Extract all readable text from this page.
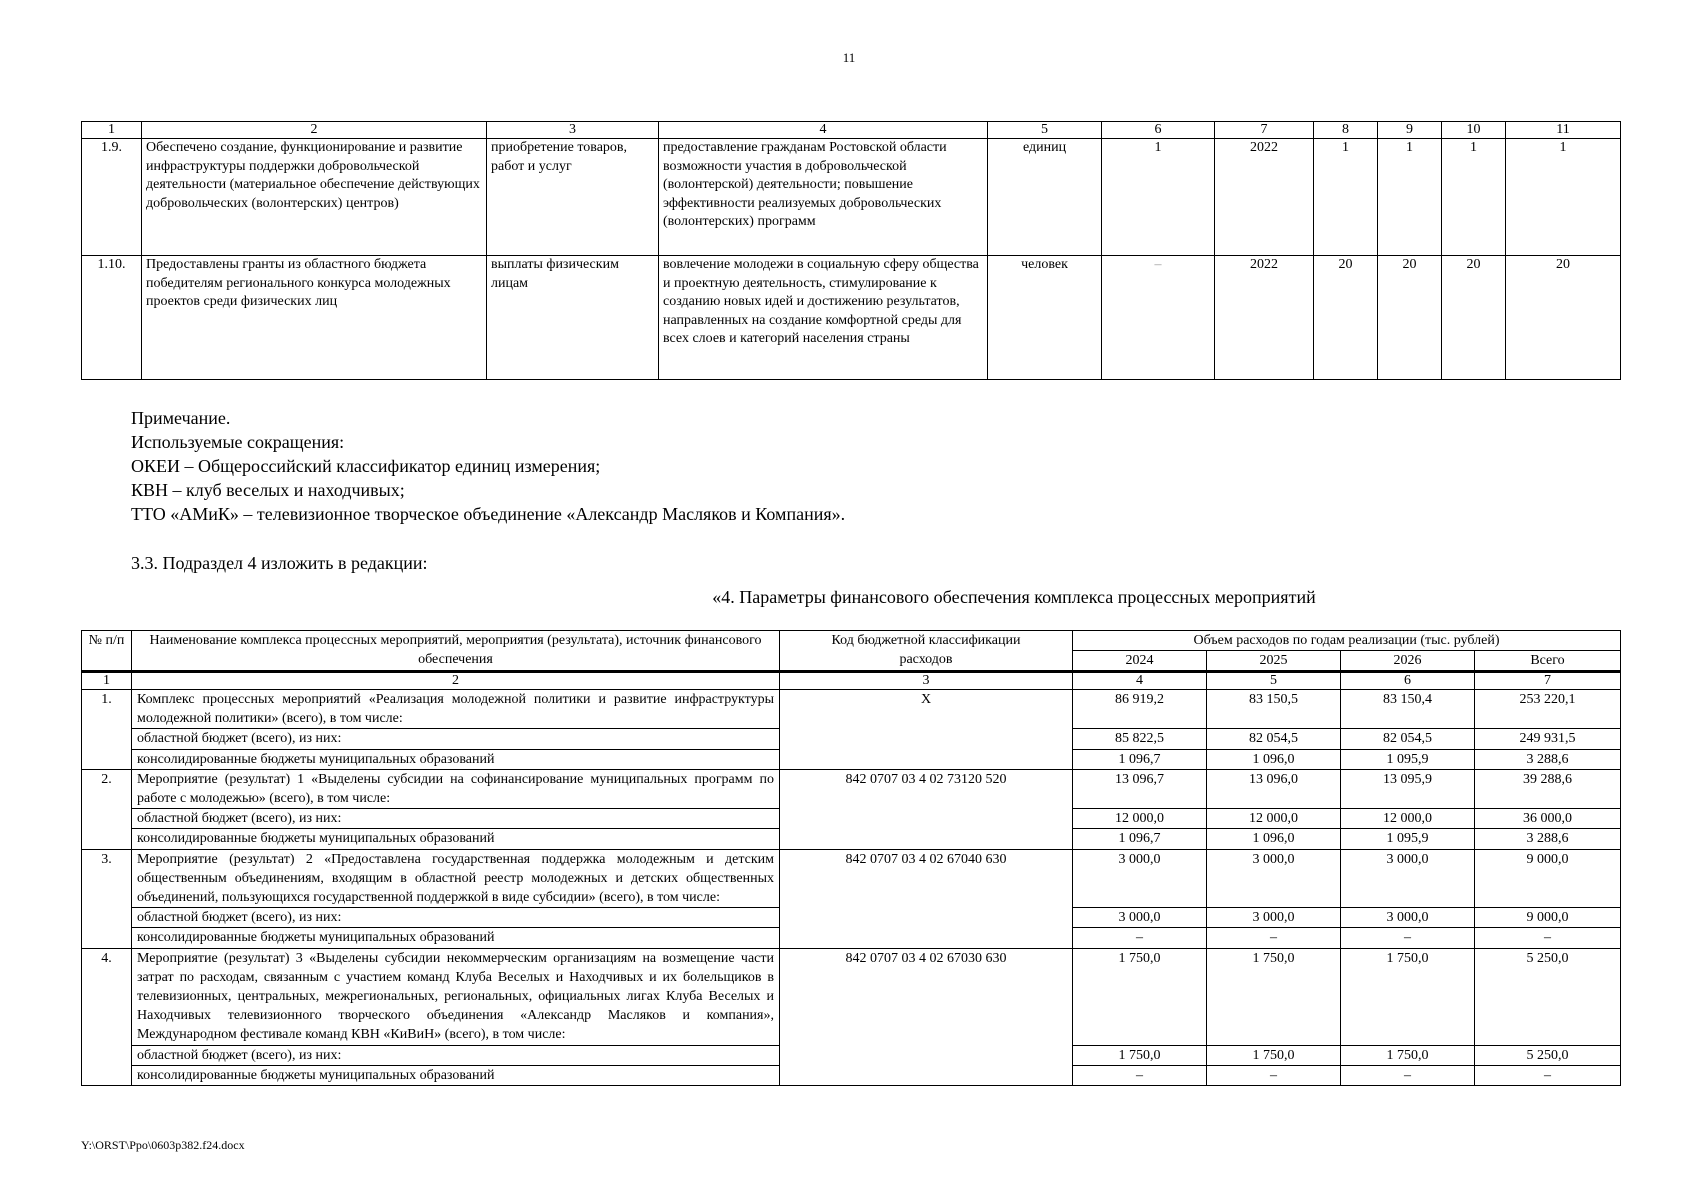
11
1	2	3	4	5	6	7	8	9	10	11
1.9.	Обеспечено создание, функционирование и развитие инфраструктуры поддержки добровольческой деятельности (материальное обеспечение действующих добровольческих (волонтерских) центров)	приобретение товаров, работ и услуг	предоставление гражданам Ростовской области возможности участия в добровольческой (волонтерской) деятельности; повышение эффективности реализуемых добровольческих (волонтерских) программ	единиц	1	2022	1	1	1	1
1.10.	Предоставлены гранты из областного бюджета победителям регионального конкурса молодежных проектов среди физических лиц	выплаты физическим лицам	вовлечение молодежи в социальную сферу общества и проектную деятельность, стимулирование к созданию новых идей и достижению результатов, направленных на создание комфортной среды для всех слоев и категорий населения страны	человек	–	2022	20	20	20	20
Примечание.
Используемые сокращения:
ОКЕИ – Общероссийский классификатор единиц измерения;
КВН – клуб веселых и находчивых;
ТТО «АМиК» – телевизионное творческое объединение «Александр Масляков и Компания».
3.3. Подраздел 4 изложить в редакции:
«4. Параметры финансового обеспечения комплекса процессных мероприятий
№ п/п	Наименование комплекса процессных мероприятий, мероприятия (результата), источник финансового обеспечения	Код бюджетной классификации расходов	Объем расходов по годам реализации (тыс. рублей)			
			2024	2025	2026	Всего
1	2	3	4	5	6	7
1.	Комплекс процессных мероприятий «Реализация молодежной политики и развитие инфраструктуры молодежной политики» (всего), в том числе:	X	86 919,2	83 150,5	83 150,4	253 220,1
	областной бюджет (всего), из них:		85 822,5	82 054,5	82 054,5	249 931,5
	консолидированные бюджеты муниципальных образований		1 096,7	1 096,0	1 095,9	3 288,6
2.	Мероприятие (результат) 1 «Выделены субсидии на софинансирование муниципальных программ по работе с молодежью» (всего), в том числе:	842 0707 03 4 02 73120 520	13 096,7	13 096,0	13 095,9	39 288,6
	областной бюджет (всего), из них:		12 000,0	12 000,0	12 000,0	36 000,0
	консолидированные бюджеты муниципальных образований		1 096,7	1 096,0	1 095,9	3 288,6
3.	Мероприятие (результат) 2 «Предоставлена государственная поддержка молодежным и детским общественным объединениям, входящим в областной реестр молодежных и детских общественных объединений, пользующихся государственной поддержкой в виде субсидии» (всего), в том числе:	842 0707 03 4 02 67040 630	3 000,0	3 000,0	3 000,0	9 000,0
	областной бюджет (всего), из них:		3 000,0	3 000,0	3 000,0	9 000,0
	консолидированные бюджеты муниципальных образований		–	–	–	–
4.	Мероприятие (результат) 3 «Выделены субсидии некоммерческим организациям на возмещение части затрат по расходам, связанным с участием команд Клуба Веселых и Находчивых и их болельщиков в телевизионных, центральных, межрегиональных, региональных, официальных лигах Клуба Веселых и Находчивых телевизионного творческого объединения «Александр Масляков и компания», Международном фестивале команд КВН «КиВиН» (всего), в том числе:	842 0707 03 4 02 67030 630	1 750,0	1 750,0	1 750,0	5 250,0
	областной бюджет (всего), из них:		1 750,0	1 750,0	1 750,0	5 250,0
	консолидированные бюджеты муниципальных образований		–	–	–	–
Y:\ORST\Ppo\0603p382.f24.docx
